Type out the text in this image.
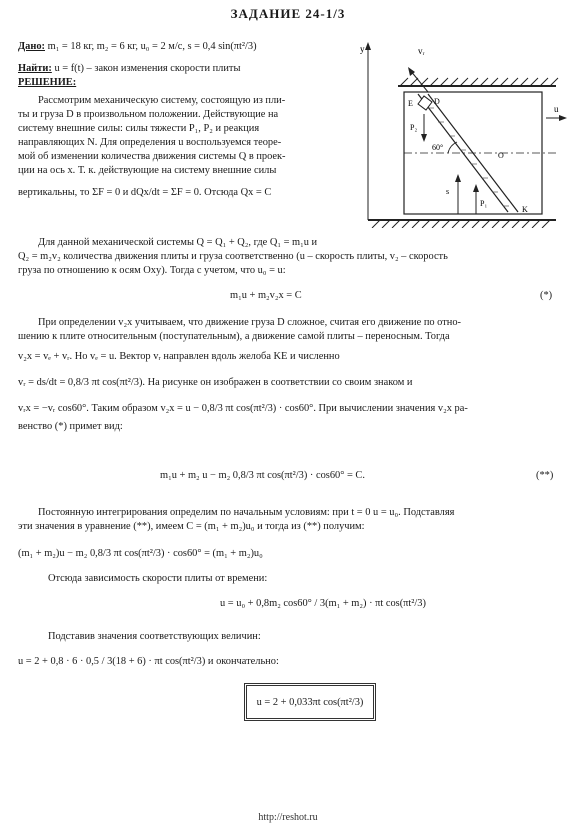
ЗАДАНИЕ 24-1/3
Дано: m₁ = 18 кг, m₂ = 6 кг, u₀ = 2 м/с, s = 0,4 sin(πt²/3)
Найти: u = f(t) – закон изменения скорости плиты
РЕШЕНИЕ:
Рассмотрим механическую систему, состоящую из пли-
ты и груза D в произвольном положении. Действующие на
систему внешние силы: силы тяжести P₁, P₂ и реакция
направляющих N. Для определения u воспользуемся теоре-
мой об изменении количества движения системы Q в проек-
ции на ось x. Т. к. действующие на систему внешние силы
вертикальны, то ΣF = 0 и dQx/dt = ΣF = 0. Отсюда Qx = C
y	vᵣ
P₂
E	D
60°
s
P₁
K
O
u
Для данной механической системы Q = Q₁ + Q₂, где Q₁ = m₁u и
Q₂ = m₂v₂ количества движения плиты и груза соответственно (u – скорость плиты, v₂ – скорость
груза по отношению к осям Oxy). Тогда с учетом, что u₀ = u:
m₁u + m₂v₂x = C	(*)
При определении v₂x учитываем, что движение груза D сложное, считая его движение по отно-
шению к плите относительным (поступательным), а движение самой плиты – переносным. Тогда
v₂x = vₑ + vᵣ. Но vₑ = u. Вектор vᵣ направлен вдоль желоба KE и численно
vᵣ = ds/dt = 0,8/3 πt cos(πt²/3). На рисунке он изображен в соответствии со своим знаком и
vᵣx = −vᵣ cos60°. Таким образом v₂x = u − 0,8/3 πt cos(πt²/3) · cos60°. При вычислении значения v₂x ра-
венство (*) примет вид:
m₁u + m₂ u − m₂ 0,8/3 πt cos(πt²/3) · cos60° = C.	(**)
Постоянную интегрирования определим по начальным условиям: при t = 0 u = u₀. Подставляя
эти значения в уравнение (**), имеем C = (m₁ + m₂)u₀ и тогда из (**) получим:
(m₁ + m₂)u − m₂ 0,8/3 πt cos(πt²/3) · cos60° = (m₁ + m₂)u₀
Отсюда зависимость скорости плиты от времени:
u = u₀ + 0,8m₂ cos60° / 3(m₁ + m₂) · πt cos(πt²/3)
Подставив значения соответствующих величин:
u = 2 + 0,8 · 6 · 0,5 / 3(18 + 6) · πt cos(πt²/3) и окончательно:
u = 2 + 0,033πt cos(πt²/3)
http://reshot.ru
